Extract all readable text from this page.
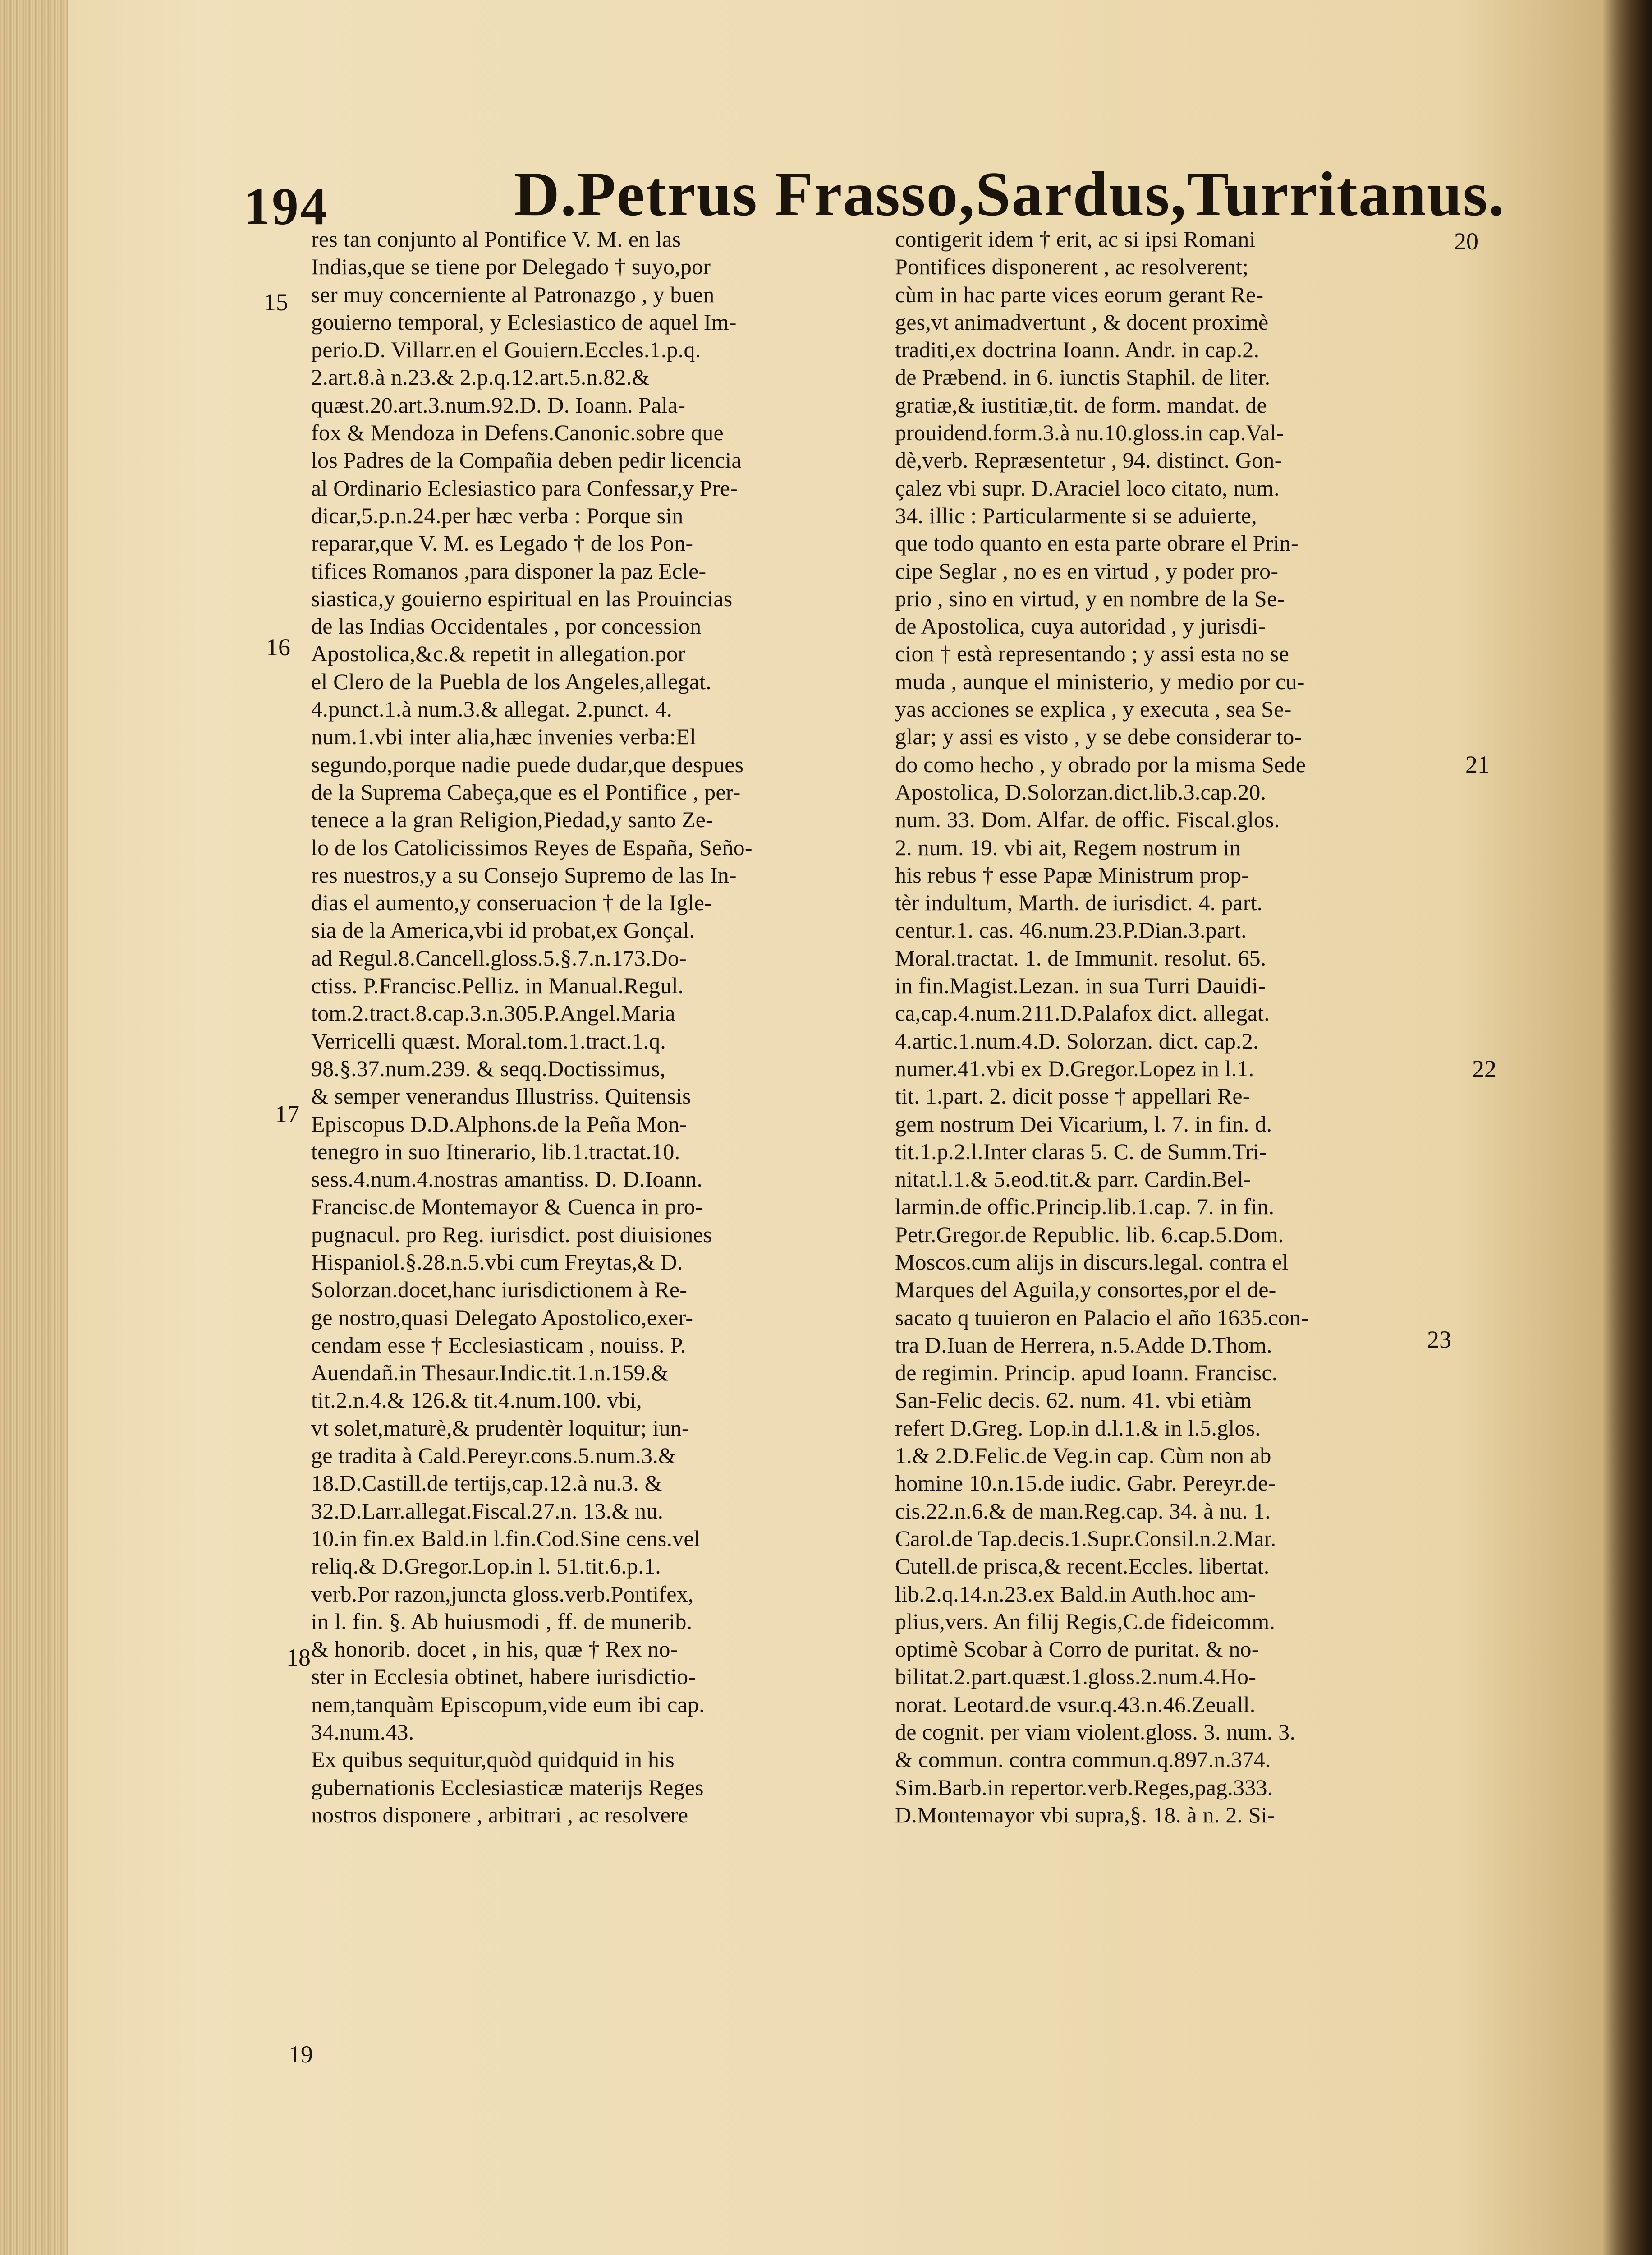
194	D.Petrus Frasso,Sardus,Turritanus.
res tan conjunto al Pontifice V. M. en las
Indias,que se tiene por Delegado † suyo,por
ser muy concerniente al Patronazgo , y buen
gouierno temporal, y Eclesiastico de aquel Im-
perio.D. Villarr.en el Gouiern.Eccles.1.p.q.
2.art.8.à n.23.& 2.p.q.12.art.5.n.82.&
quæst.20.art.3.num.92.D. D. Ioann. Pala-
fox & Mendoza in Defens.Canonic.sobre que
los Padres de la Compañia deben pedir licencia
al Ordinario Eclesiastico para Confessar,y Pre-
dicar,5.p.n.24.per hæc verba : Porque sin
reparar,que V. M. es Legado † de los Pon-
tifices Romanos ,para disponer la paz Ecle-
siastica,y gouierno espiritual en las Prouincias
de las Indias Occidentales , por concession
Apostolica,&c.& repetit in allegation.por
el Clero de la Puebla de los Angeles,allegat.
4.punct.1.à num.3.& allegat. 2.punct. 4.
num.1.vbi inter alia,hæc invenies verba:El
segundo,porque nadie puede dudar,que despues
de la Suprema Cabeça,que es el Pontifice , per-
tenece a la gran Religion,Piedad,y santo Ze-
lo de los Catolicissimos Reyes de España, Seño-
res nuestros,y a su Consejo Supremo de las In-
dias el aumento,y conseruacion † de la Igle-
sia de la America,vbi id probat,ex Gonçal.
ad Regul.8.Cancell.gloss.5.§.7.n.173.Do-
ctiss. P.Francisc.Pelliz. in Manual.Regul.
tom.2.tract.8.cap.3.n.305.P.Angel.Maria
Verricelli quæst. Moral.tom.1.tract.1.q.
98.§.37.num.239. & seqq.Doctissimus,
& semper venerandus Illustriss. Quitensis
Episcopus D.D.Alphons.de la Peña Mon-
tenegro in suo Itinerario, lib.1.tractat.10.
sess.4.num.4.nostras amantiss. D. D.Ioann.
Francisc.de Montemayor & Cuenca in pro-
pugnacul. pro Reg. iurisdict. post diuisiones
Hispaniol.§.28.n.5.vbi cum Freytas,& D.
Solorzan.docet,hanc iurisdictionem à Re-
ge nostro,quasi Delegato Apostolico,exer-
cendam esse † Ecclesiasticam , nouiss. P.
Auendañ.in Thesaur.Indic.tit.1.n.159.&
tit.2.n.4.& 126.& tit.4.num.100. vbi,
vt solet,maturè,& prudentèr loquitur; iun-
ge tradita à Cald.Pereyr.cons.5.num.3.&
18.D.Castill.de tertijs,cap.12.à nu.3. &
32.D.Larr.allegat.Fiscal.27.n. 13.& nu.
10.in fin.ex Bald.in l.fin.Cod.Sine cens.vel
reliq.& D.Gregor.Lop.in l. 51.tit.6.p.1.
verb.Por razon,juncta gloss.verb.Pontifex,
in l. fin. §. Ab huiusmodi , ff. de munerib.
& honorib. docet , in his, quæ † Rex no-
ster in Ecclesia obtinet, habere iurisdictio-
nem,tanquàm Episcopum,vide eum ibi cap.
34.num.43.
Ex quibus sequitur,quòd quidquid in his
gubernationis Ecclesiasticæ materijs Reges
nostros disponere , arbitrari , ac resolvere
contigerit idem † erit, ac si ipsi Romani
Pontifices disponerent , ac resolverent;
cùm in hac parte vices eorum gerant Re-
ges,vt animadvertunt , & docent proximè
traditi,ex doctrina Ioann. Andr. in cap.2.
de Præbend. in 6. iunctis Staphil. de liter.
gratiæ,& iustitiæ,tit. de form. mandat. de
prouidend.form.3.à nu.10.gloss.in cap.Val-
dè,verb. Repræsentetur , 94. distinct. Gon-
çalez vbi supr. D.Araciel loco citato, num.
34. illic : Particularmente si se aduierte,
que todo quanto en esta parte obrare el Prin-
cipe Seglar , no es en virtud , y poder pro-
prio , sino en virtud, y en nombre de la Se-
de Apostolica, cuya autoridad , y jurisdi-
cion † està representando ; y assi esta no se
muda , aunque el ministerio, y medio por cu-
yas acciones se explica , y executa , sea Se-
glar; y assi es visto , y se debe considerar to-
do como hecho , y obrado por la misma Sede
Apostolica, D.Solorzan.dict.lib.3.cap.20.
num. 33. Dom. Alfar. de offic. Fiscal.glos.
2. num. 19. vbi ait, Regem nostrum in
his rebus † esse Papæ Ministrum prop-
tèr indultum, Marth. de iurisdict. 4. part.
centur.1. cas. 46.num.23.P.Dian.3.part.
Moral.tractat. 1. de Immunit. resolut. 65.
in fin.Magist.Lezan. in sua Turri Dauidi-
ca,cap.4.num.211.D.Palafox dict. allegat.
4.artic.1.num.4.D. Solorzan. dict. cap.2.
numer.41.vbi ex D.Gregor.Lopez in l.1.
tit. 1.part. 2. dicit posse † appellari Re-
gem nostrum Dei Vicarium, l. 7. in fin. d.
tit.1.p.2.l.Inter claras 5. C. de Summ.Tri-
nitat.l.1.& 5.eod.tit.& parr. Cardin.Bel-
larmin.de offic.Princip.lib.1.cap. 7. in fin.
Petr.Gregor.de Republic. lib. 6.cap.5.Dom.
Moscos.cum alijs in discurs.legal. contra el
Marques del Aguila,y consortes,por el de-
sacato q tuuieron en Palacio el año 1635.con-
tra D.Iuan de Herrera, n.5.Adde D.Thom.
de regimin. Princip. apud Ioann. Francisc.
San-Felic decis. 62. num. 41. vbi etiàm
refert D.Greg. Lop.in d.l.1.& in l.5.glos.
1.& 2.D.Felic.de Veg.in cap. Cùm non ab
homine 10.n.15.de iudic. Gabr. Pereyr.de-
cis.22.n.6.& de man.Reg.cap. 34. à nu. 1.
Carol.de Tap.decis.1.Supr.Consil.n.2.Mar.
Cutell.de prisca,& recent.Eccles. libertat.
lib.2.q.14.n.23.ex Bald.in Auth.hoc am-
plius,vers. An filij Regis,C.de fideicomm.
optimè Scobar à Corro de puritat. & no-
bilitat.2.part.quæst.1.gloss.2.num.4.Ho-
norat. Leotard.de vsur.q.43.n.46.Zeuall.
de cognit. per viam violent.gloss. 3. num. 3.
& commun. contra commun.q.897.n.374.
Sim.Barb.in repertor.verb.Reges,pag.333.
D.Montemayor vbi supra,§. 18. à n. 2. Si-
15
16
17
18
19
20
21
22
23
